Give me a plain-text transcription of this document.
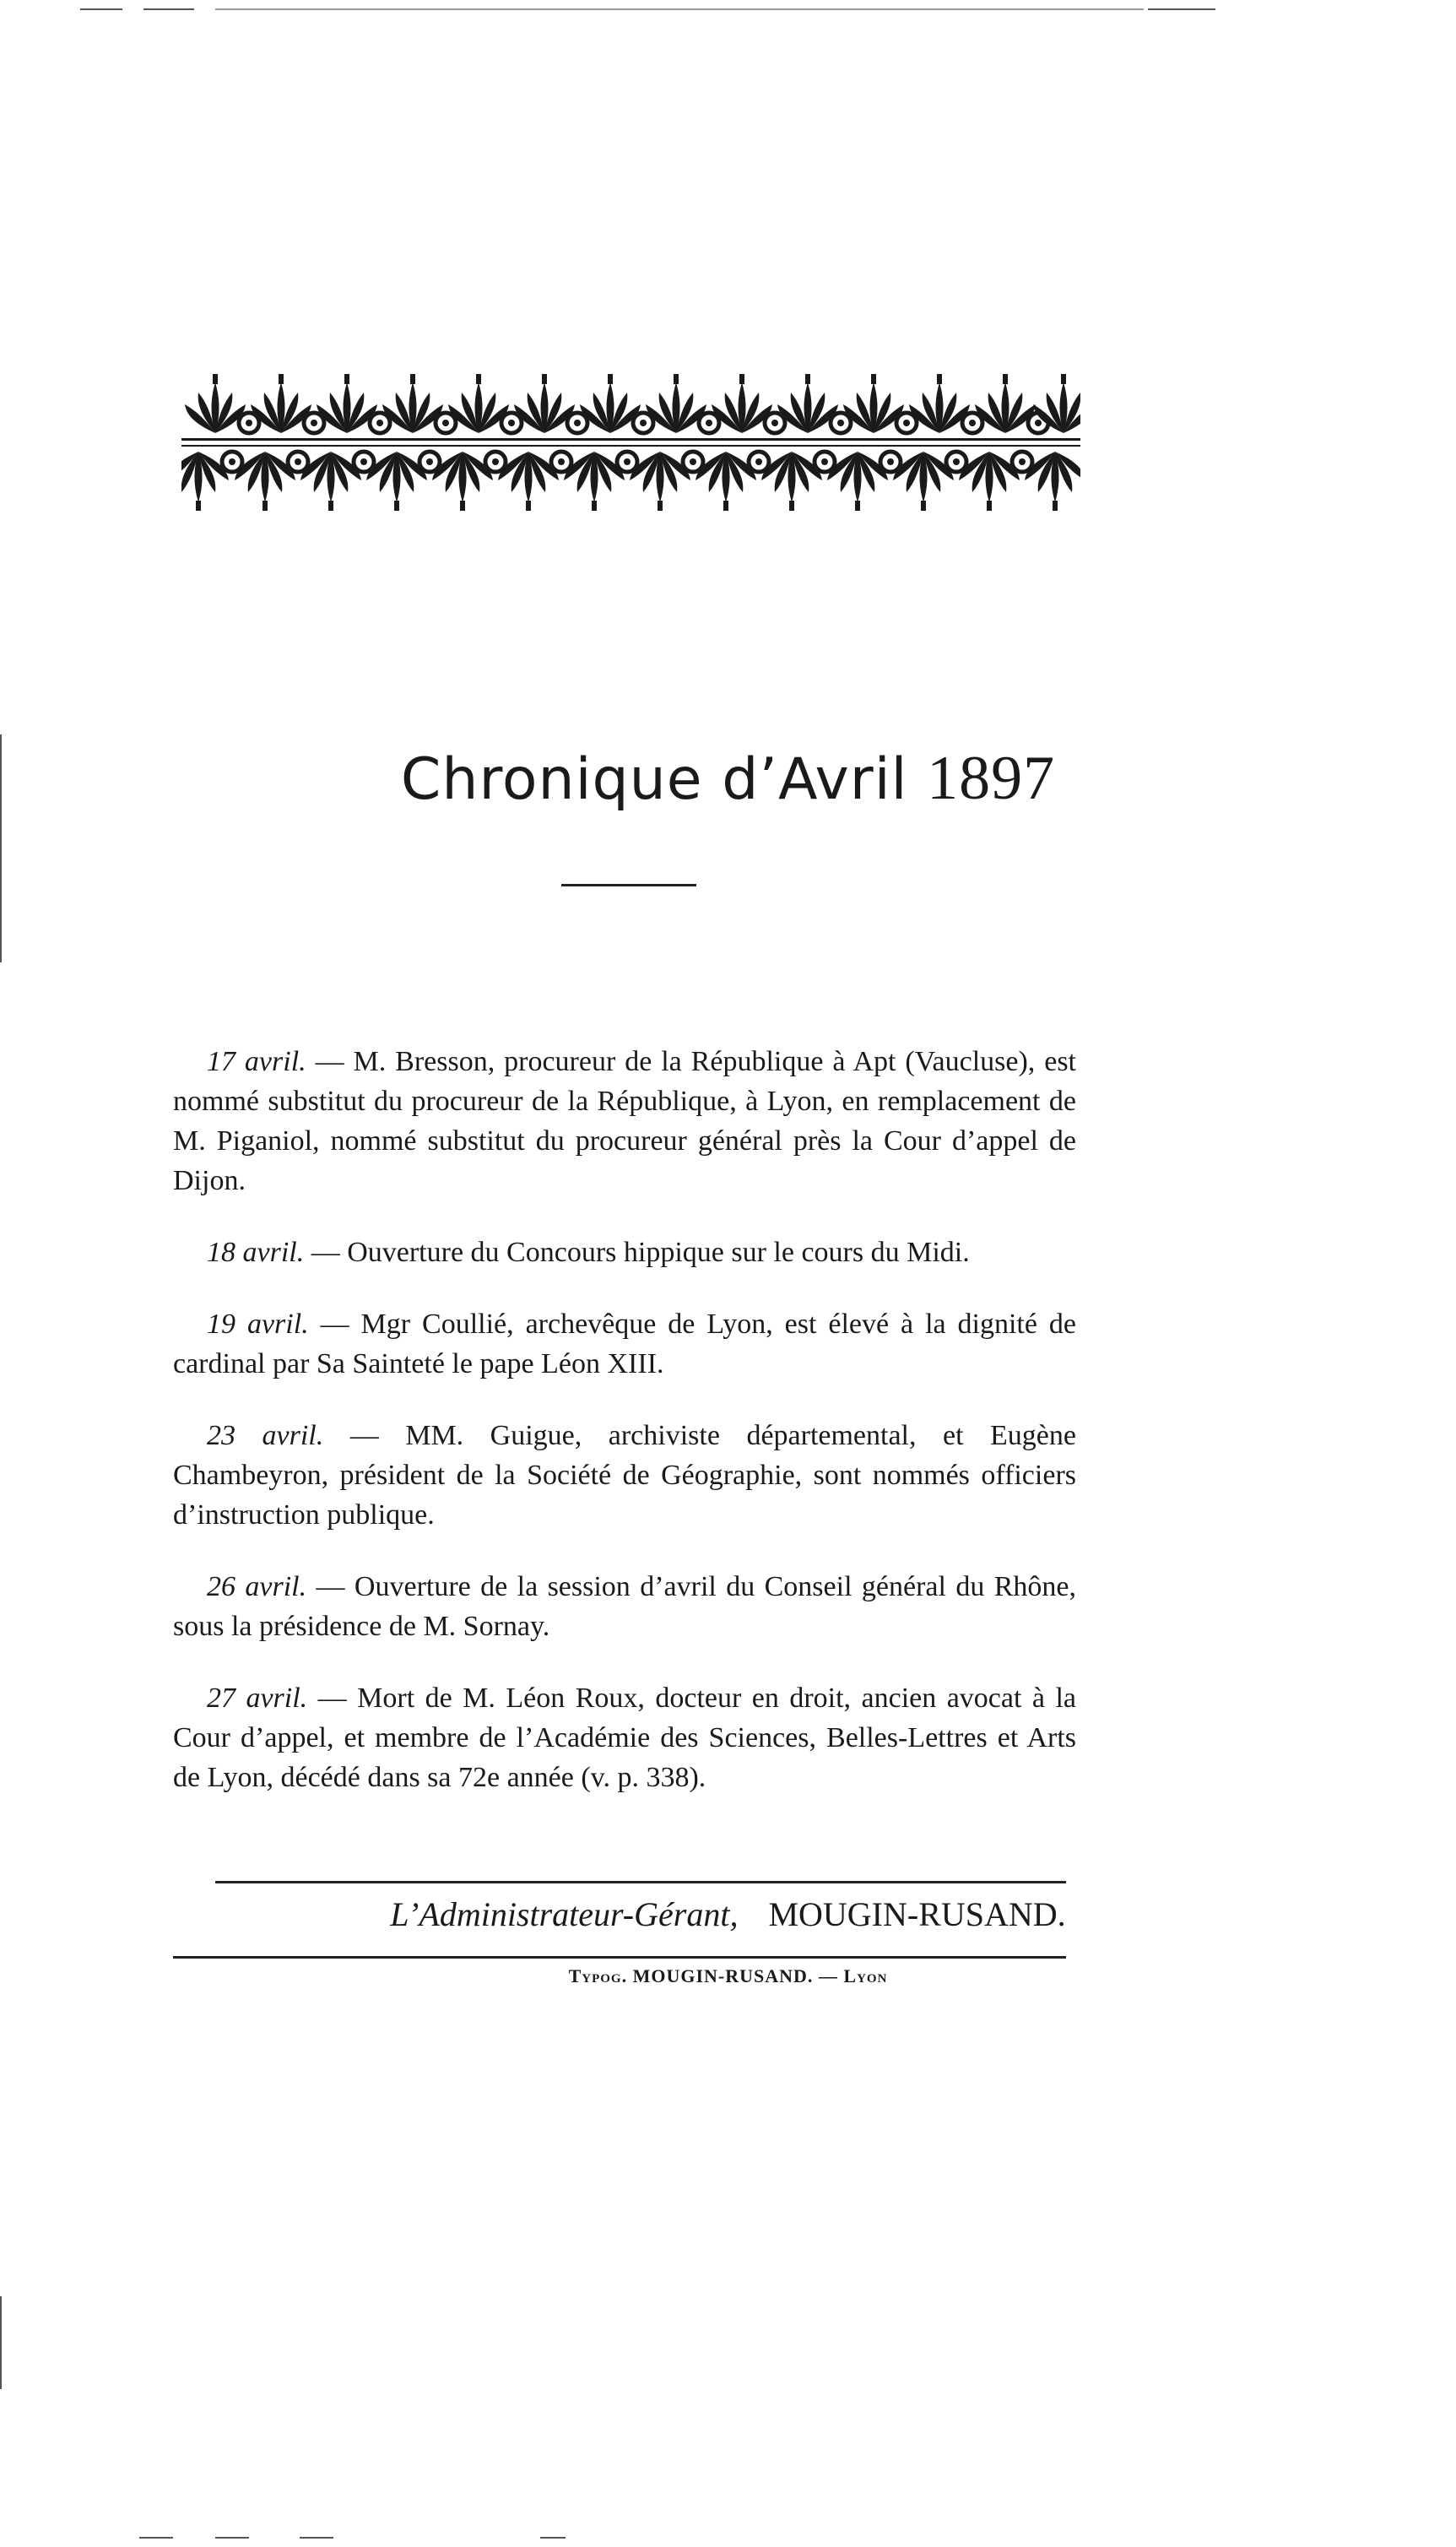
Chronique d’Avril 1897

17 avril. — M. Bresson, procureur de la République à Apt (Vaucluse), est nommé substitut du procureur de la République, à Lyon, en remplacement de M. Piganiol, nommé substitut du procureur général près la Cour d’appel de Dijon.

18 avril. — Ouverture du Concours hippique sur le cours du Midi.

19 avril. — Mgr Coullié, archevêque de Lyon, est élevé à la dignité de cardinal par Sa Sainteté le pape Léon XIII.

23 avril. — MM. Guigue, archiviste départemental, et Eugène Chambeyron, président de la Société de Géographie, sont nommés officiers d’instruction publique.

26 avril. — Ouverture de la session d’avril du Conseil général du Rhône, sous la présidence de M. Sornay.

27 avril. — Mort de M. Léon Roux, docteur en droit, ancien avocat à la Cour d’appel, et membre de l’Académie des Sciences, Belles-Lettres et Arts de Lyon, décédé dans sa 72e année (v. p. 338).

L’Administrateur-Gérant, MOUGIN-RUSAND.
Typog. MOUGIN-RUSAND. — Lyon
